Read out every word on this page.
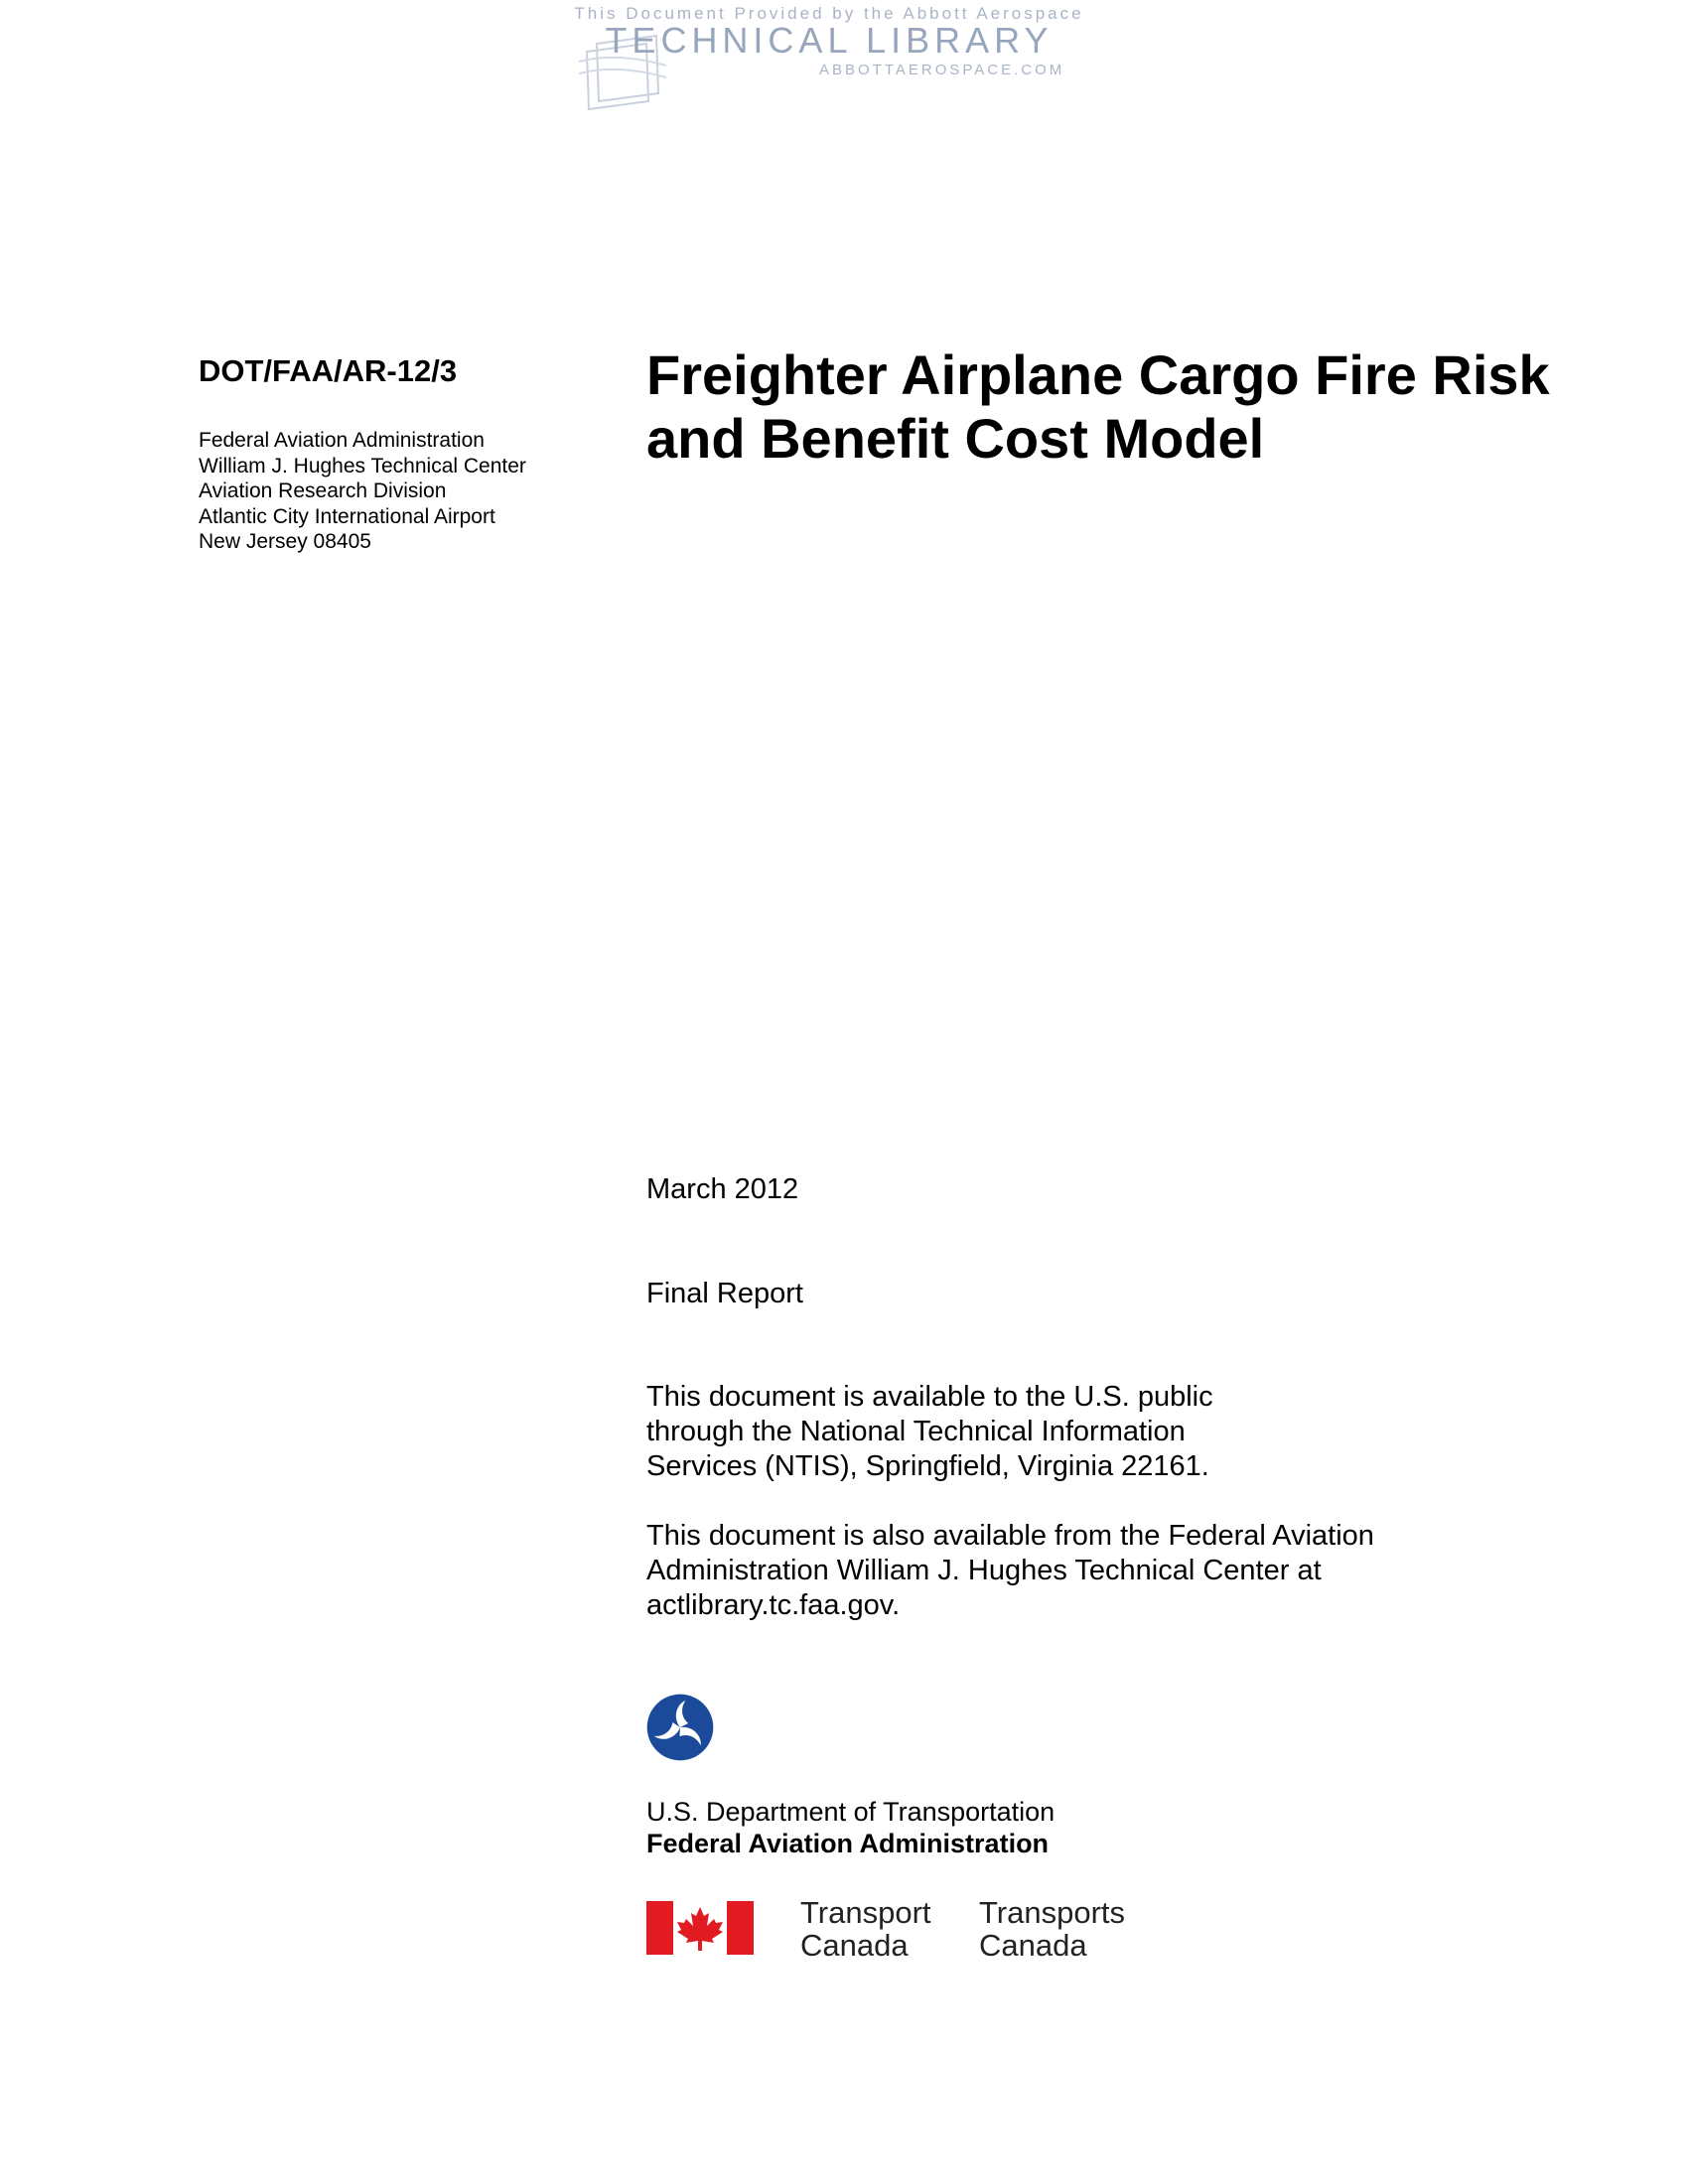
This Document Provided by the Abbott Aerospace
TECHNICAL LIBRARY
ABBOTTAEROSPACE.COM
DOT/FAA/AR-12/3
Federal Aviation Administration
William J. Hughes Technical Center
Aviation Research Division
Atlantic City International Airport
New Jersey 08405
Freighter Airplane Cargo Fire Risk
and Benefit Cost Model
March 2012
Final Report
This document is available to the U.S. public
through the National Technical Information
Services (NTIS), Springfield, Virginia 22161.
This document is also available from the Federal Aviation
Administration William J. Hughes Technical Center at
actlibrary.tc.faa.gov.
U.S. Department of Transportation
Federal Aviation Administration
Transport
Canada
Transports
Canada
